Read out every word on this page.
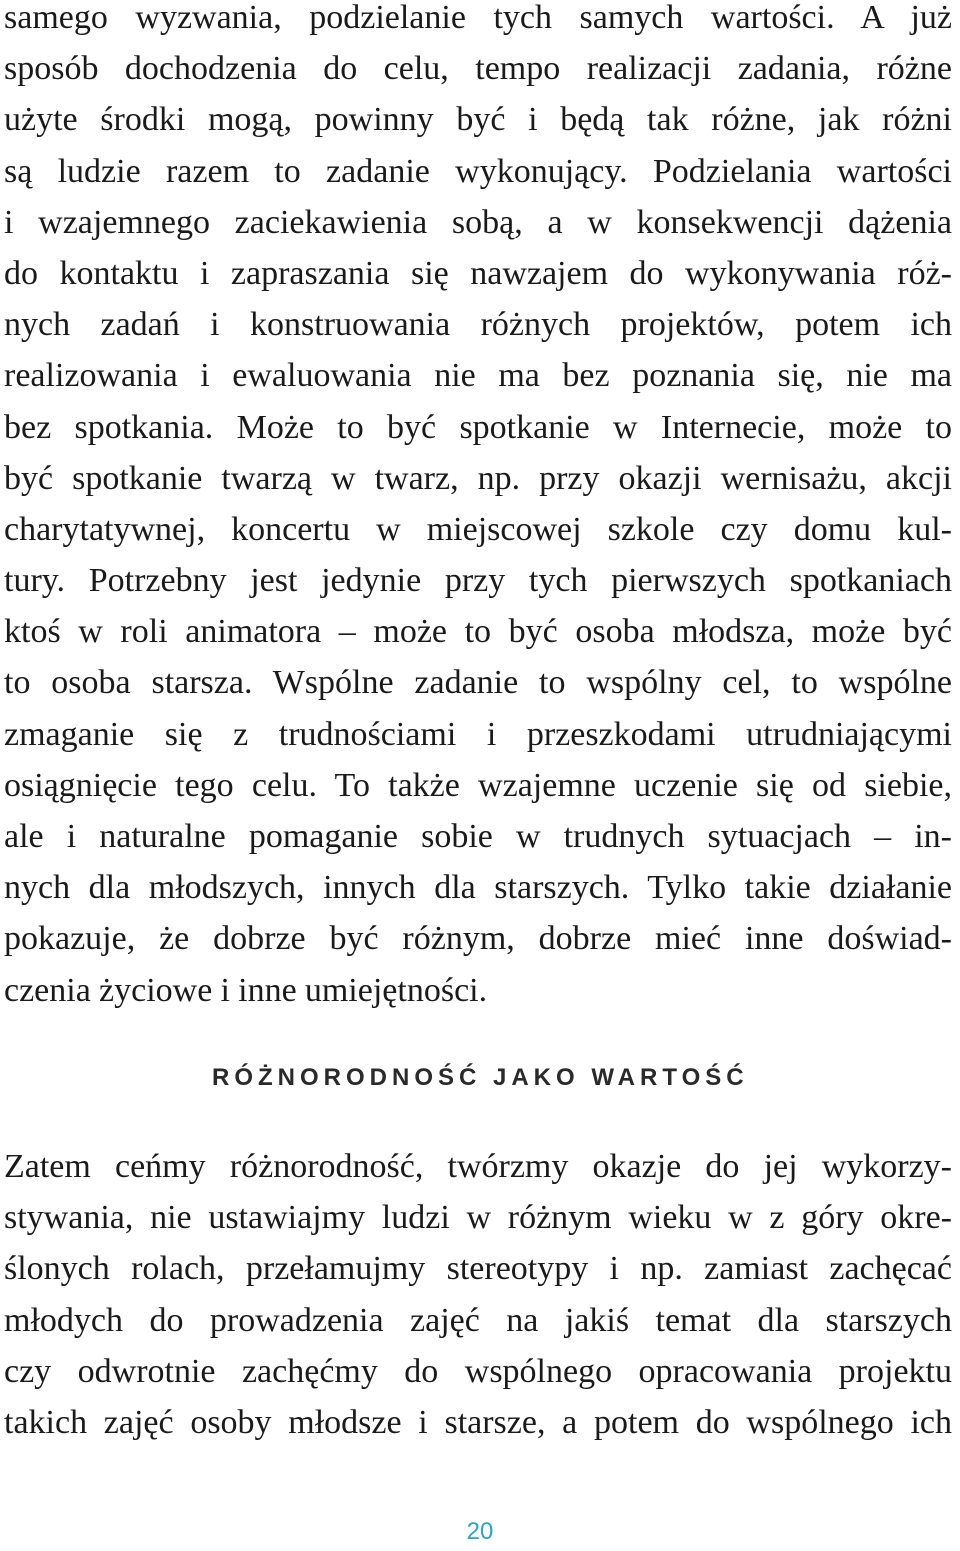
samego wyzwania, podzielanie tych samych wartości. A już
sposób dochodzenia do celu, tempo realizacji zadania, różne
użyte środki mogą, powinny być i będą tak różne, jak różni
są ludzie razem to zadanie wykonujący. Podzielania wartości
i wzajemnego zaciekawienia sobą, a w konsekwencji dążenia
do kontaktu i zapraszania się nawzajem do wykonywania róż-
nych zadań i konstruowania różnych projektów, potem ich
realizowania i ewaluowania nie ma bez poznania się, nie ma
bez spotkania. Może to być spotkanie w Internecie, może to
być spotkanie twarzą w twarz, np. przy okazji wernisażu, akcji
charytatywnej, koncertu w miejscowej szkole czy domu kul-
tury. Potrzebny jest jedynie przy tych pierwszych spotkaniach
ktoś w roli animatora – może to być osoba młodsza, może być
to osoba starsza. Wspólne zadanie to wspólny cel, to wspólne
zmaganie się z trudnościami i przeszkodami utrudniającymi
osiągnięcie tego celu. To także wzajemne uczenie się od siebie,
ale i naturalne pomaganie sobie w trudnych sytuacjach – in-
nych dla młodszych, innych dla starszych. Tylko takie działanie
pokazuje, że dobrze być różnym, dobrze mieć inne doświad-
czenia życiowe i inne umiejętności.
RÓŻNORODNOŚĆ JAKO WARTOŚĆ
Zatem ceńmy różnorodność, twórzmy okazje do jej wykorzy-
stywania, nie ustawiajmy ludzi w różnym wieku w z góry okre-
ślonych rolach, przełamujmy stereotypy i np. zamiast zachęcać
młodych do prowadzenia zajęć na jakiś temat dla starszych
czy odwrotnie zachęćmy do wspólnego opracowania projektu
takich zajęć osoby młodsze i starsze, a potem do wspólnego ich
20
